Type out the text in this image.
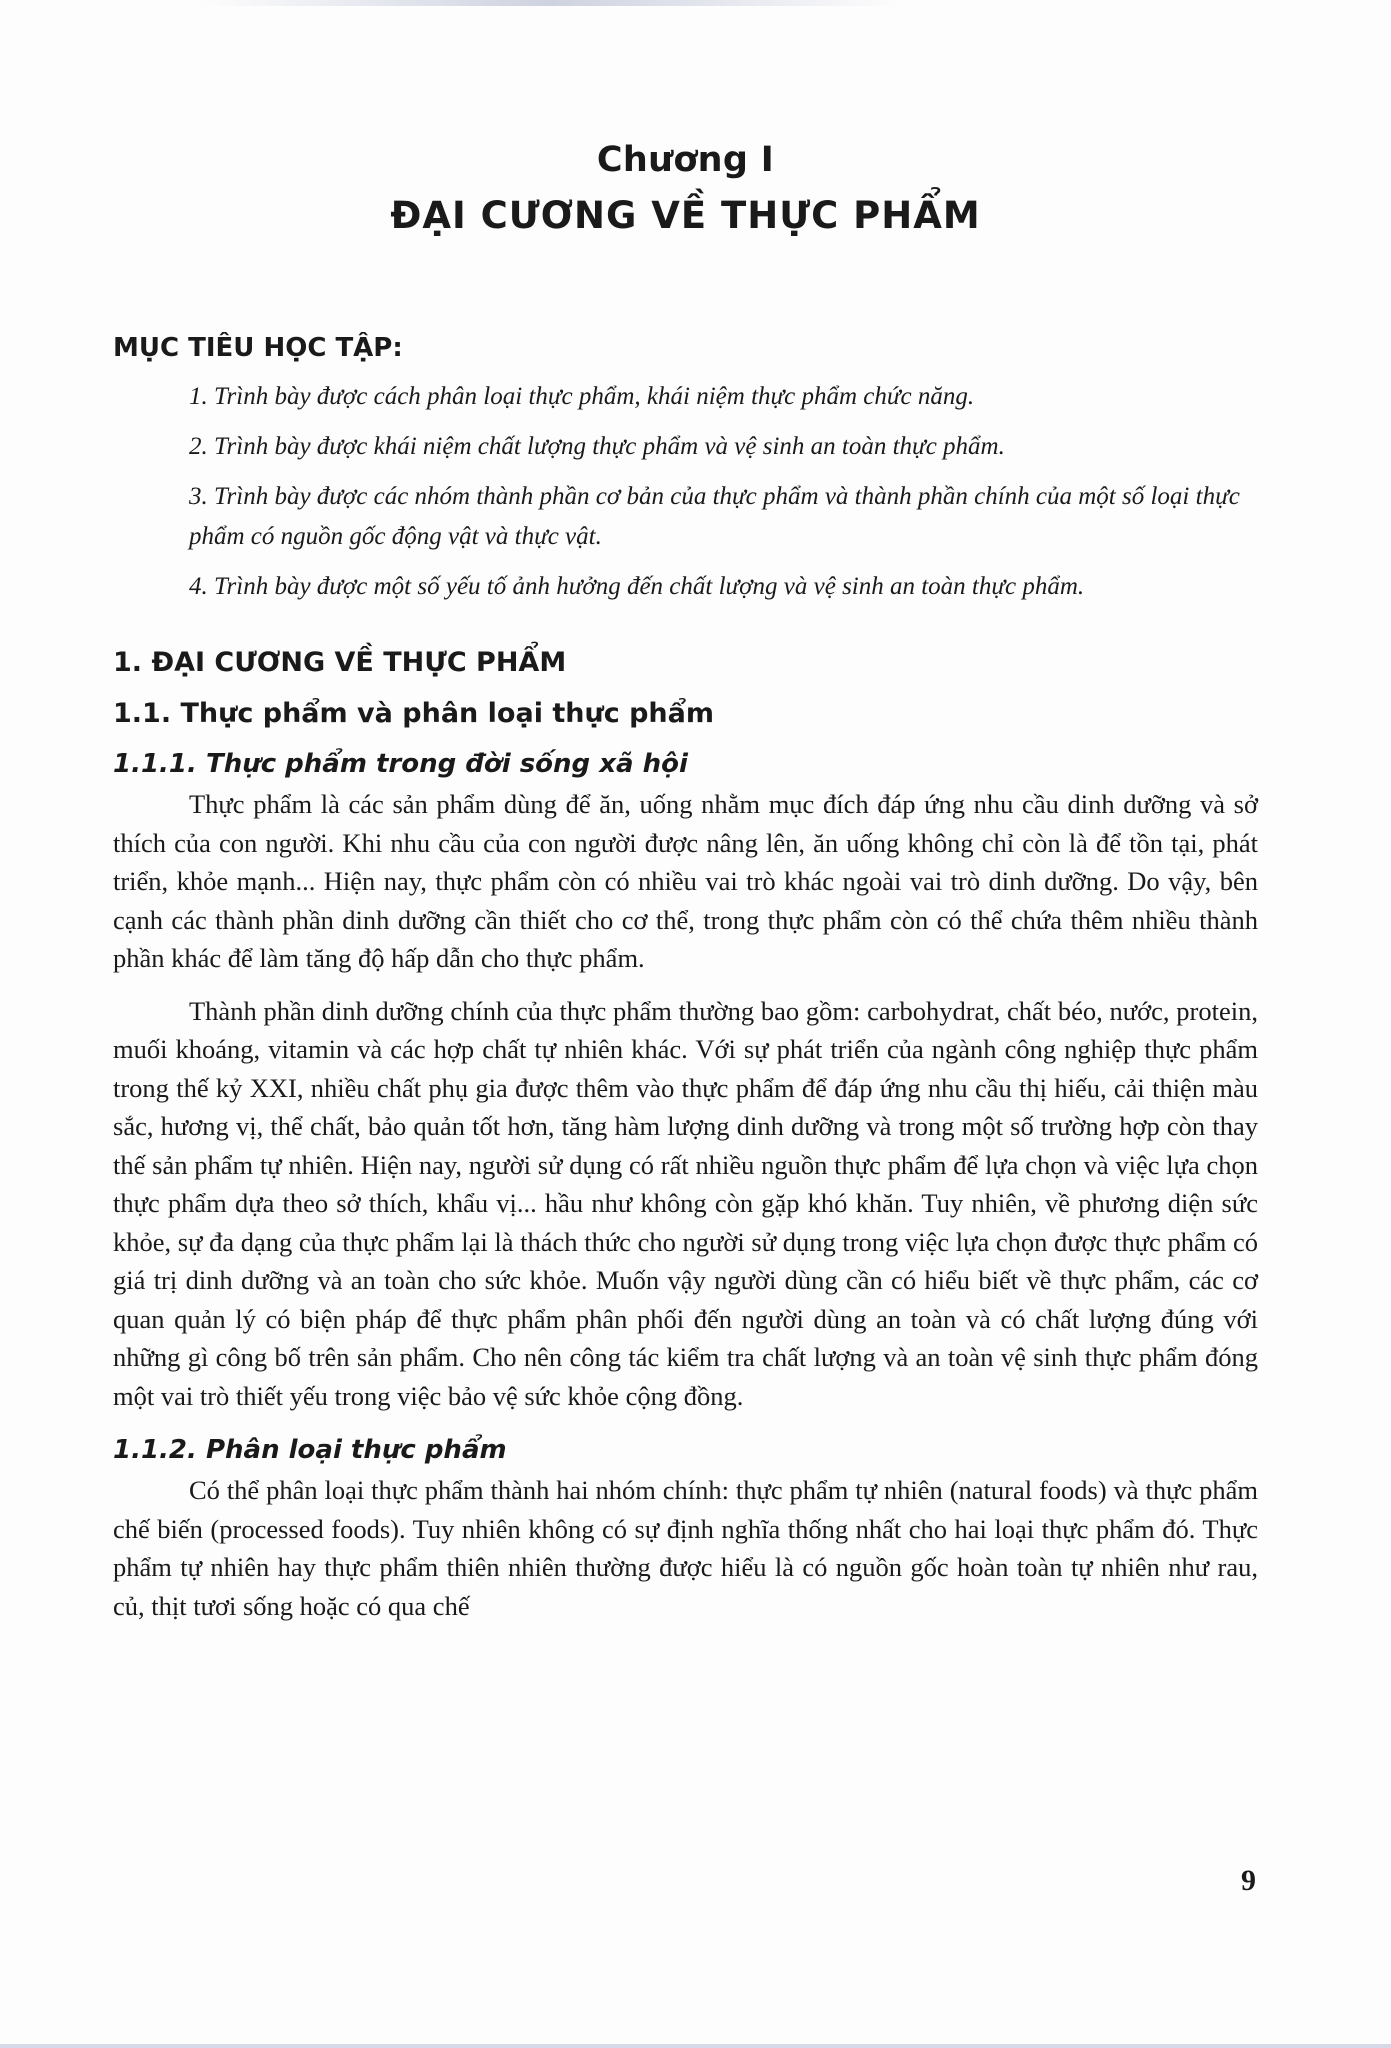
Chương I
ĐẠI CƯƠNG VỀ THỰC PHẨM
MỤC TIÊU HỌC TẬP:
1. Trình bày được cách phân loại thực phẩm, khái niệm thực phẩm chức năng.
2. Trình bày được khái niệm chất lượng thực phẩm và vệ sinh an toàn thực phẩm.
3. Trình bày được các nhóm thành phần cơ bản của thực phẩm và thành phần chính của một số loại thực phẩm có nguồn gốc động vật và thực vật.
4. Trình bày được một số yếu tố ảnh hưởng đến chất lượng và vệ sinh an toàn thực phẩm.
1. ĐẠI CƯƠNG VỀ THỰC PHẨM
1.1. Thực phẩm và phân loại thực phẩm
1.1.1. Thực phẩm trong đời sống xã hội

Thực phẩm là các sản phẩm dùng để ăn, uống nhằm mục đích đáp ứng nhu cầu dinh dưỡng và sở thích của con người. Khi nhu cầu của con người được nâng lên, ăn uống không chỉ còn là để tồn tại, phát triển, khỏe mạnh... Hiện nay, thực phẩm còn có nhiều vai trò khác ngoài vai trò dinh dưỡng. Do vậy, bên cạnh các thành phần dinh dưỡng cần thiết cho cơ thể, trong thực phẩm còn có thể chứa thêm nhiều thành phần khác để làm tăng độ hấp dẫn cho thực phẩm.

Thành phần dinh dưỡng chính của thực phẩm thường bao gồm: carbohydrat, chất béo, nước, protein, muối khoáng, vitamin và các hợp chất tự nhiên khác. Với sự phát triển của ngành công nghiệp thực phẩm trong thế kỷ XXI, nhiều chất phụ gia được thêm vào thực phẩm để đáp ứng nhu cầu thị hiếu, cải thiện màu sắc, hương vị, thể chất, bảo quản tốt hơn, tăng hàm lượng dinh dưỡng và trong một số trường hợp còn thay thế sản phẩm tự nhiên. Hiện nay, người sử dụng có rất nhiều nguồn thực phẩm để lựa chọn và việc lựa chọn thực phẩm dựa theo sở thích, khẩu vị... hầu như không còn gặp khó khăn. Tuy nhiên, về phương diện sức khỏe, sự đa dạng của thực phẩm lại là thách thức cho người sử dụng trong việc lựa chọn được thực phẩm có giá trị dinh dưỡng và an toàn cho sức khỏe. Muốn vậy người dùng cần có hiểu biết về thực phẩm, các cơ quan quản lý có biện pháp để thực phẩm phân phối đến người dùng an toàn và có chất lượng đúng với những gì công bố trên sản phẩm. Cho nên công tác kiểm tra chất lượng và an toàn vệ sinh thực phẩm đóng một vai trò thiết yếu trong việc bảo vệ sức khỏe cộng đồng.

1.1.2. Phân loại thực phẩm

Có thể phân loại thực phẩm thành hai nhóm chính: thực phẩm tự nhiên (natural foods) và thực phẩm chế biến (processed foods). Tuy nhiên không có sự định nghĩa thống nhất cho hai loại thực phẩm đó. Thực phẩm tự nhiên hay thực phẩm thiên nhiên thường được hiểu là có nguồn gốc hoàn toàn tự nhiên như rau, củ, thịt tươi sống hoặc có qua chế

9
